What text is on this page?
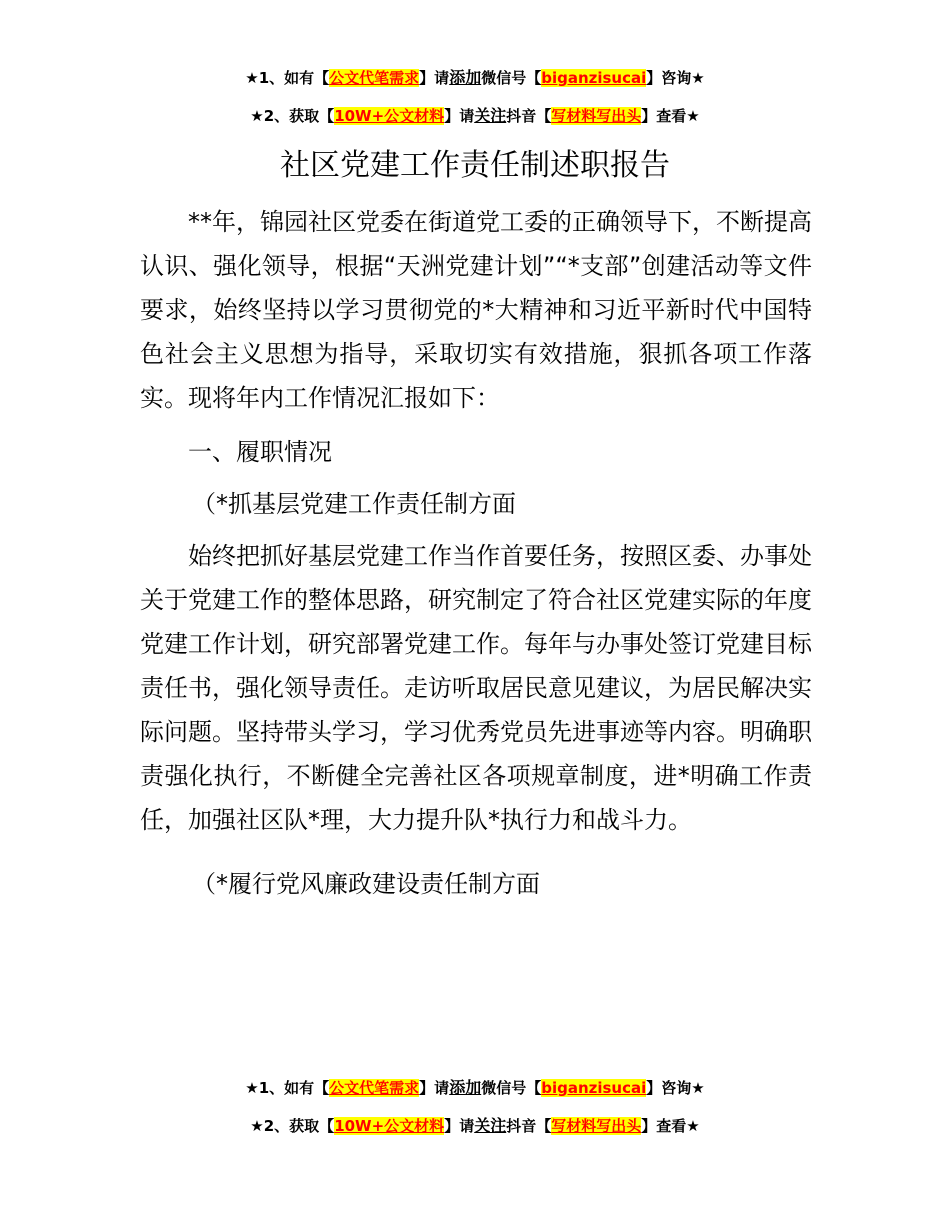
★1、如有【公文代笔需求】请添加微信号【biganzisucai】咨询★
★2、获取【10W+公文材料】请关注抖音【写材料写出头】查看★
社区党建工作责任制述职报告

**年，锦园社区党委在街道党工委的正确领导下，不断提高认识、强化领导，根据“天洲党建计划”“*支部”创建活动等文件要求，始终坚持以学习贯彻党的*大精神和习近平新时代中国特色社会主义思想为指导，采取切实有效措施，狠抓各项工作落实。现将年内工作情况汇报如下：

一、履职情况

（*抓基层党建工作责任制方面

始终把抓好基层党建工作当作首要任务，按照区委、办事处关于党建工作的整体思路，研究制定了符合社区党建实际的年度党建工作计划，研究部署党建工作。每年与办事处签订党建目标责任书，强化领导责任。走访听取居民意见建议，为居民解决实际问题。坚持带头学习，学习优秀党员先进事迹等内容。明确职责强化执行，不断健全完善社区各项规章制度，进*明确工作责任，加强社区队*理，大力提升队*执行力和战斗力。

（*履行党风廉政建设责任制方面

★1、如有【公文代笔需求】请添加微信号【biganzisucai】咨询★
★2、获取【10W+公文材料】请关注抖音【写材料写出头】查看★
